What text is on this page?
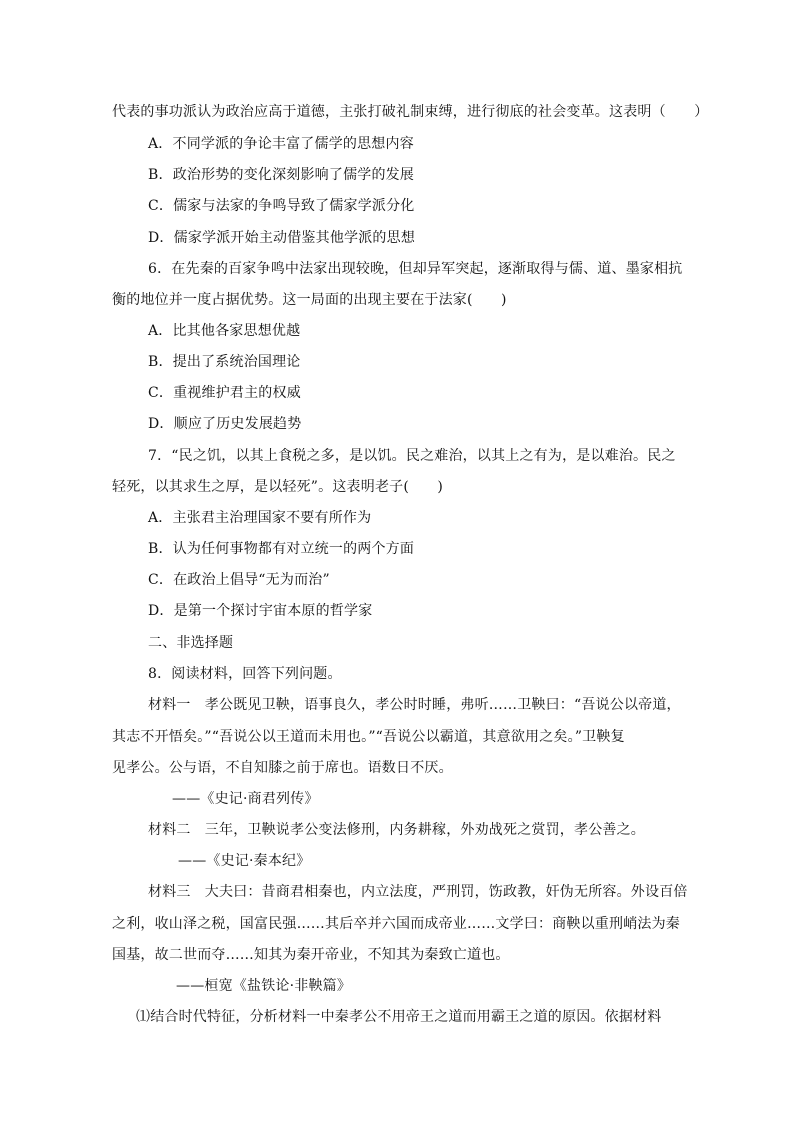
代表的事功派认为政治应高于道德，主张打破礼制束缚，进行彻底的社会变革。这表明（　　）
A．不同学派的争论丰富了儒学的思想内容
B．政治形势的变化深刻影响了儒学的发展
C．儒家与法家的争鸣导致了儒家学派分化
D．儒家学派开始主动借鉴其他学派的思想
6．在先秦的百家争鸣中法家出现较晚，但却异军突起，逐渐取得与儒、道、墨家相抗
衡的地位并一度占据优势。这一局面的出现主要在于法家(　　)
A．比其他各家思想优越
B．提出了系统治国理论
C．重视维护君主的权威
D．顺应了历史发展趋势
7．“民之饥，以其上食税之多，是以饥。民之难治，以其上之有为，是以难治。民之
轻死，以其求生之厚，是以轻死”。这表明老子(　　)
A．主张君主治理国家不要有所作为
B．认为任何事物都有对立统一的两个方面
C．在政治上倡导“无为而治”
D．是第一个探讨宇宙本原的哲学家
二、非选择题
8．阅读材料，回答下列问题。
材料一　孝公既见卫鞅，语事良久，孝公时时睡，弗听……卫鞅曰：“吾说公以帝道，
其志不开悟矣。”“吾说公以王道而未用也。”“吾说公以霸道，其意欲用之矣。”卫鞅复
见孝公。公与语，不自知膝之前于席也。语数日不厌。
——《史记·商君列传》
材料二　三年，卫鞅说孝公变法修刑，内务耕稼，外劝战死之赏罚，孝公善之。
——《史记·秦本纪》
材料三　大夫曰：昔商君相秦也，内立法度，严刑罚，饬政教，奸伪无所容。外设百倍
之利，收山泽之税，国富民强……其后卒并六国而成帝业……文学曰：商鞅以重刑峭法为秦
国基，故二世而夺……知其为秦开帝业，不知其为秦致亡道也。
——桓宽《盐铁论·非鞅篇》
⑴结合时代特征，分析材料一中秦孝公不用帝王之道而用霸王之道的原因。依据材料
